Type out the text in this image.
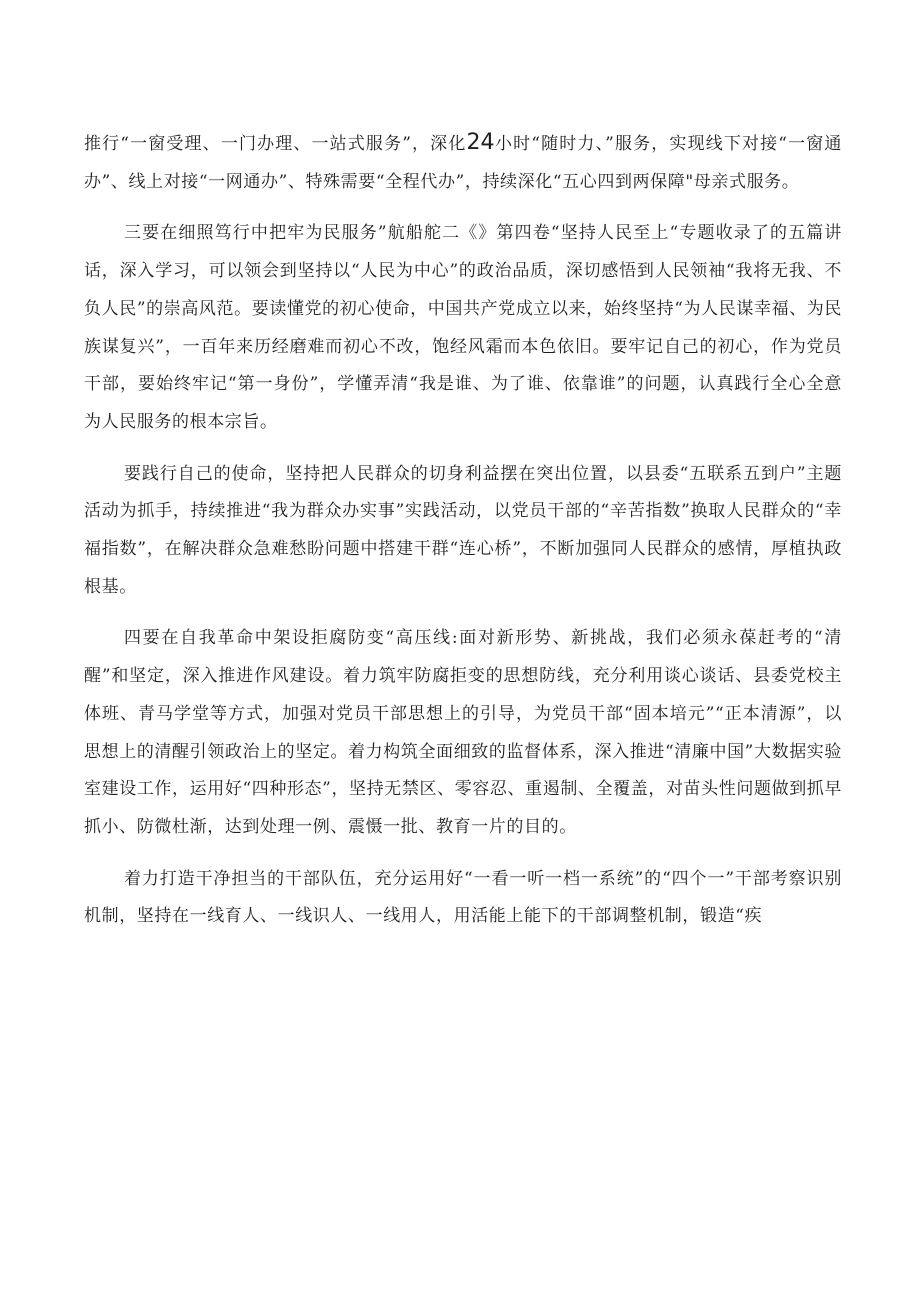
推行“一窗受理、一门办理、一站式服务”，深化24小时“随时力、”服务，实现线下对接“一窗通办”、线上对接“一网通办”、特殊需要“全程代办”，持续深化“五心四到两保障"母亲式服务。

三要在细照笃行中把牢为民服务”航船舵二《》第四卷“坚持人民至上“专题收录了的五篇讲话，深入学习，可以领会到坚持以“人民为中心”的政治品质，深切感悟到人民领袖“我将无我、不负人民”的崇高风范。要读懂党的初心使命，中国共产党成立以来，始终坚持“为人民谋幸福、为民族谋复兴”，一百年来历经磨难而初心不改，饱经风霜而本色依旧。要牢记自己的初心，作为党员干部，要始终牢记“第一身份”，学懂弄清“我是谁、为了谁、依靠谁”的问题，认真践行全心全意为人民服务的根本宗旨。

要践行自己的使命，坚持把人民群众的切身利益摆在突出位置，以县委“五联系五到户”主题活动为抓手，持续推进“我为群众办实事”实践活动，以党员干部的“辛苦指数”换取人民群众的“幸福指数”，在解决群众急难愁盼问题中搭建干群“连心桥”，不断加强同人民群众的感情，厚植执政根基。

四要在自我革命中架设拒腐防变“高压线:面对新形势、新挑战，我们必须永葆赶考的“清醒”和坚定，深入推进作风建设。着力筑牢防腐拒变的思想防线，充分利用谈心谈话、县委党校主体班、青马学堂等方式，加强对党员干部思想上的引导，为党员干部“固本培元”“正本清源”，以思想上的清醒引领政治上的坚定。着力构筑全面细致的监督体系，深入推进“清廉中国”大数据实验室建设工作，运用好“四种形态”，坚持无禁区、零容忍、重遏制、全覆盖，对苗头性问题做到抓早抓小、防微杜渐，达到处理一例、震慑一批、教育一片的目的。

着力打造干净担当的干部队伍，充分运用好“一看一听一档一系统”的“四个一”干部考察识别机制，坚持在一线育人、一线识人、一线用人，用活能上能下的干部调整机制，锻造“疾
